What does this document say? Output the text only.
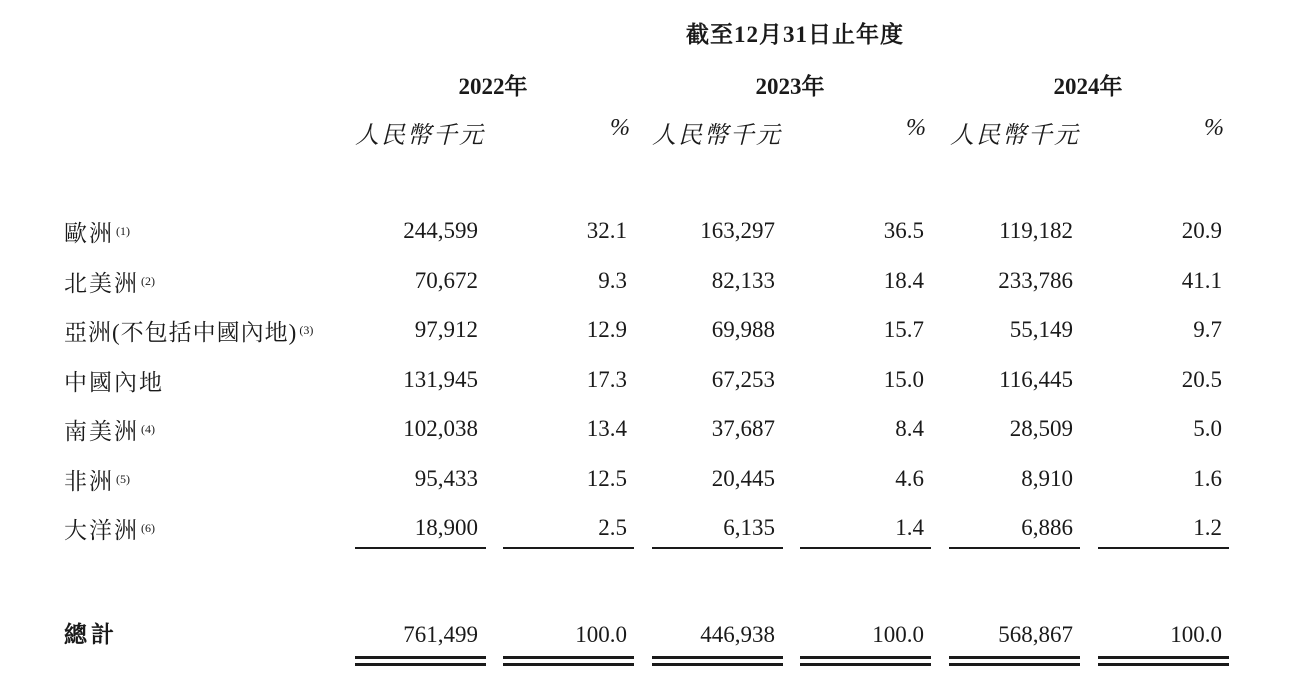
截至12月31日止年度
2022年	2023年	2024年
人民幣千元	% 人民幣千元	% 人民幣千元	%
歐洲 $^{(1)}$	244,599	32.1	163,297	36.5	119,182	20.9
北美洲 $^{(2)}$	70,672	9.3	82,133	18.4	233,786	41.1
亞洲(不包括中國內地) $^{(3)}$	97,912	12.9	69,988	15.7	55,149	9.7
中國內地	131,945	17.3	67,253	15.0	116,445	20.5
南美洲 $^{(4)}$	102,038	13.4	37,687	8.4	28,509	5.0
非洲 $^{(5)}$	95,433	12.5	20,445	4.6	8,910	1.6
大洋洲 $^{(6)}$	18,900	2.5	6,135	1.4	6,886	1.2
總計	761,499	100.0	446,938	100.0	568,867	100.0
